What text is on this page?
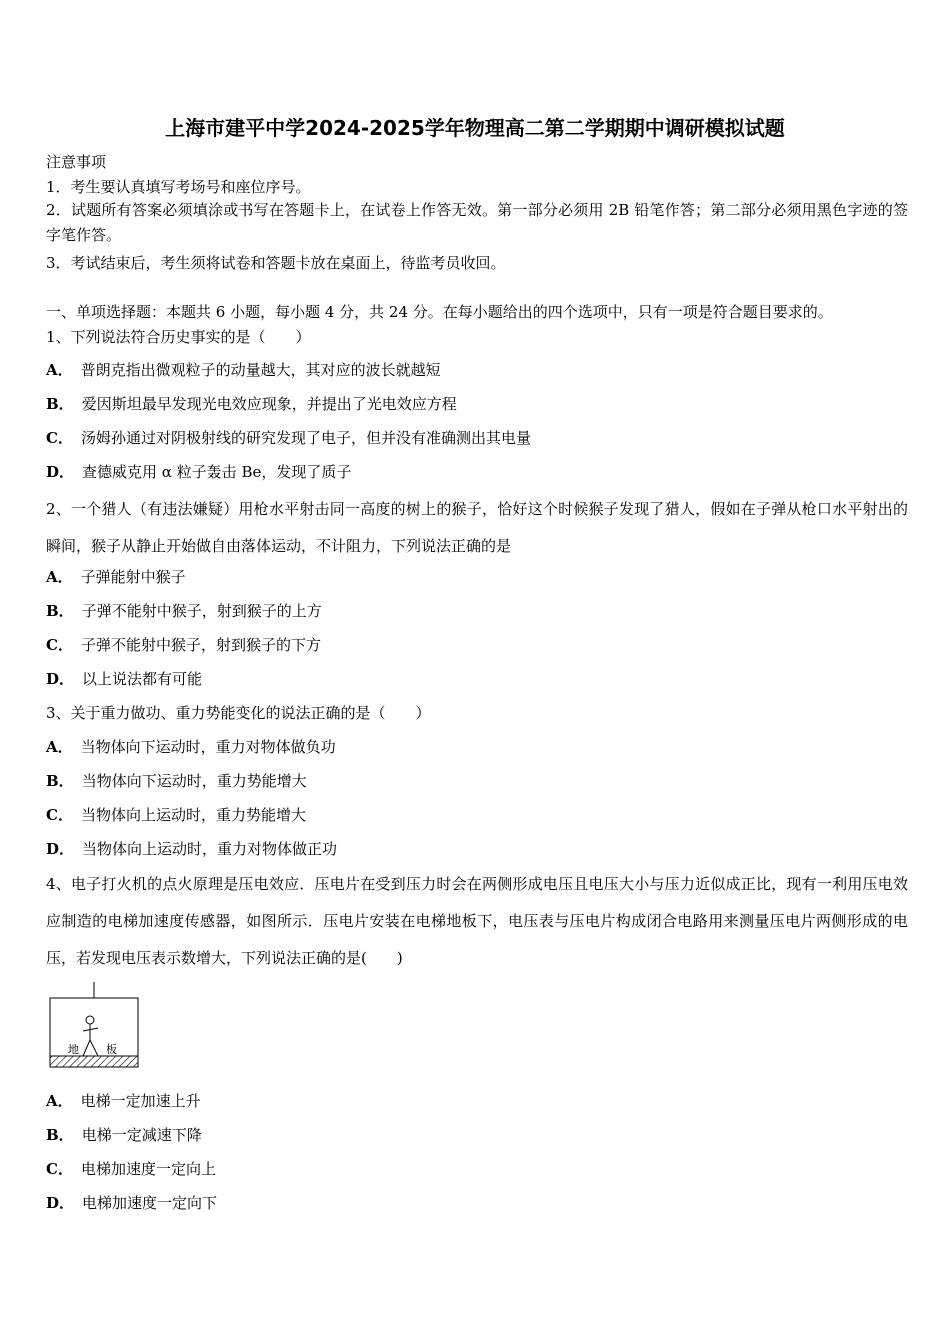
上海市建平中学2024-2025学年物理高二第二学期期中调研模拟试题
注意事项
1．考生要认真填写考场号和座位序号。
2．试题所有答案必须填涂或书写在答题卡上，在试卷上作答无效。第一部分必须用 2B 铅笔作答；第二部分必须用黑色字迹的签字笔作答。
3．考试结束后，考生须将试卷和答题卡放在桌面上，待监考员收回。
一、单项选择题：本题共 6 小题，每小题 4 分，共 24 分。在每小题给出的四个选项中，只有一项是符合题目要求的。
1、下列说法符合历史事实的是（　　）
A． 普朗克指出微观粒子的动量越大，其对应的波长就越短
B． 爱因斯坦最早发现光电效应现象，并提出了光电效应方程
C． 汤姆孙通过对阴极射线的研究发现了电子，但并没有准确测出其电量
D． 查德威克用 α 粒子轰击 Be，发现了质子
2、一个猎人（有违法嫌疑）用枪水平射击同一高度的树上的猴子，恰好这个时候猴子发现了猎人，假如在子弹从枪口水平射出的瞬间，猴子从静止开始做自由落体运动，不计阻力，下列说法正确的是
A． 子弹能射中猴子
B． 子弹不能射中猴子，射到猴子的上方
C． 子弹不能射中猴子，射到猴子的下方
D． 以上说法都有可能
3、关于重力做功、重力势能变化的说法正确的是（　　）
A． 当物体向下运动时，重力对物体做负功
B． 当物体向下运动时，重力势能增大
C． 当物体向上运动时，重力势能增大
D． 当物体向上运动时，重力对物体做正功
4、电子打火机的点火原理是压电效应．压电片在受到压力时会在两侧形成电压且电压大小与压力近似成正比，现有一利用压电效应制造的电梯加速度传感器，如图所示．压电片安装在电梯地板下，电压表与压电片构成闭合电路用来测量压电片两侧形成的电压，若发现电压表示数增大，下列说法正确的是(　　)
地 板
A． 电梯一定加速上升
B． 电梯一定减速下降
C． 电梯加速度一定向上
D． 电梯加速度一定向下
